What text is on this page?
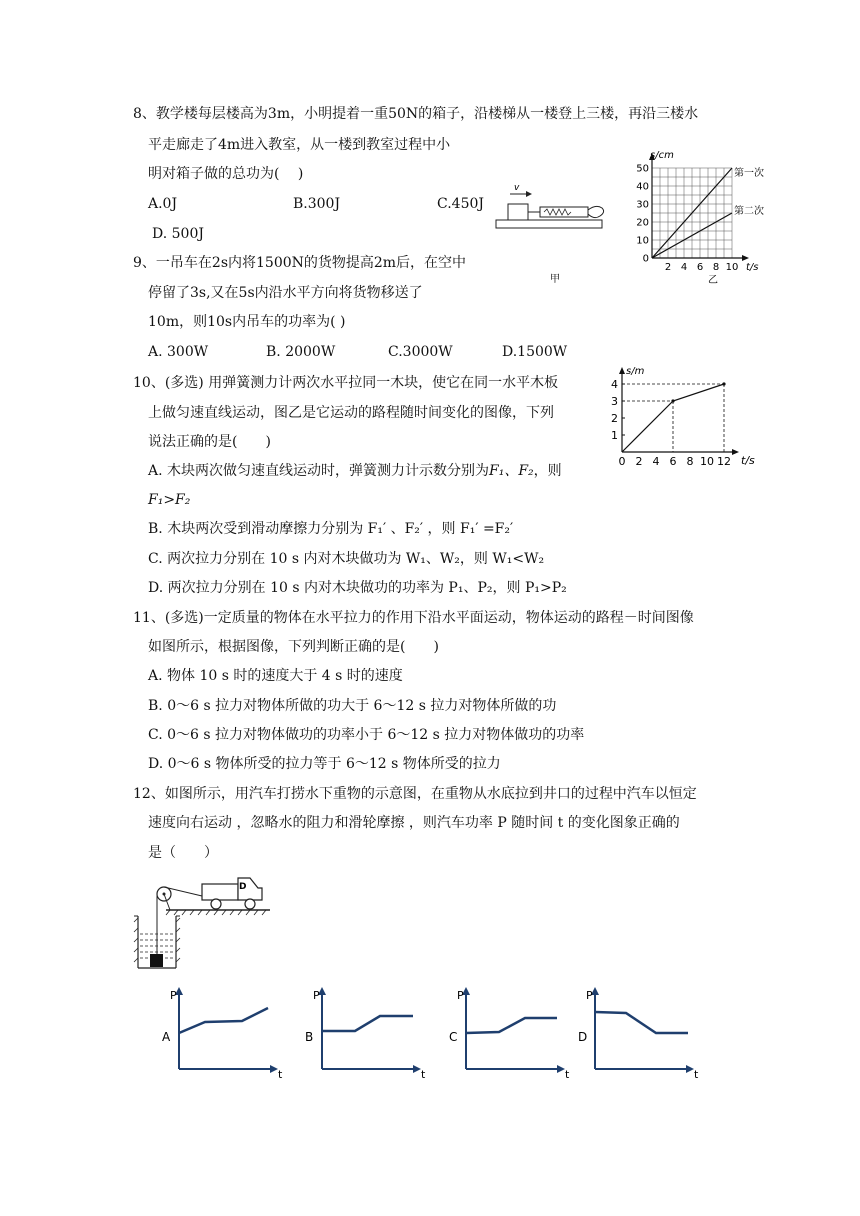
8、教学楼每层楼高为3m，小明提着一重50N的箱子，沿楼梯从一楼登上三楼，再沿三楼水
平走廊走了4m进入教室，从一楼到教室过程中小
明对箱子做的总功为(　 )
A.0J	B.300J	C.450J
D. 500J
v
甲
0
10
20
30
40
50
2 4 6 8 10
s/cm
t/s
第一次
第二次
乙
9、一吊车在2s内将1500N的货物提高2m后，在空中
停留了3s,又在5s内沿水平方向将货物移送了
10m，则10s内吊车的功率为( )
A. 300W	B. 2000W	C.3000W	D.1500W
10、(多选) 用弹簧测力计两次水平拉同一木块，使它在同一水平木板
上做匀速直线运动，图乙是它运动的路程随时间变化的图像，下列
说法正确的是(　　)
A. 木块两次做匀速直线运动时，弹簧测力计示数分别为F₁、F₂，则
F₁>F₂
B. 木块两次受到滑动摩擦力分别为 F₁′ 、F₂′ ，则 F₁′ =F₂′
C. 两次拉力分别在 10 s 内对木块做功为 W₁、W₂，则 W₁<W₂
D. 两次拉力分别在 10 s 内对木块做功的功率为 P₁、P₂，则 P₁>P₂
1
2
3
4
0 2 4 6 8 10 12
s/m
t/s
11、(多选)一定质量的物体在水平拉力的作用下沿水平面运动，物体运动的路程－时间图像
如图所示，根据图像，下列判断正确的是(　　)
A. 物体 10 s 时的速度大于 4 s 时的速度
B. 0～6 s 拉力对物体所做的功大于 6～12 s 拉力对物体所做的功
C. 0～6 s 拉力对物体做功的功率小于 6～12 s 拉力对物体做功的功率
D. 0～6 s 物体所受的拉力等于 6～12 s 物体所受的拉力
12、如图所示，用汽车打捞水下重物的示意图，在重物从水底拉到井口的过程中汽车以恒定
速度向右运动 ，忽略水的阻力和滑轮摩擦 ，则汽车功率 P 随时间 t 的变化图象正确的
是（　　）
D
P
t
A
P
t
B
P
t
C
P
t
D
